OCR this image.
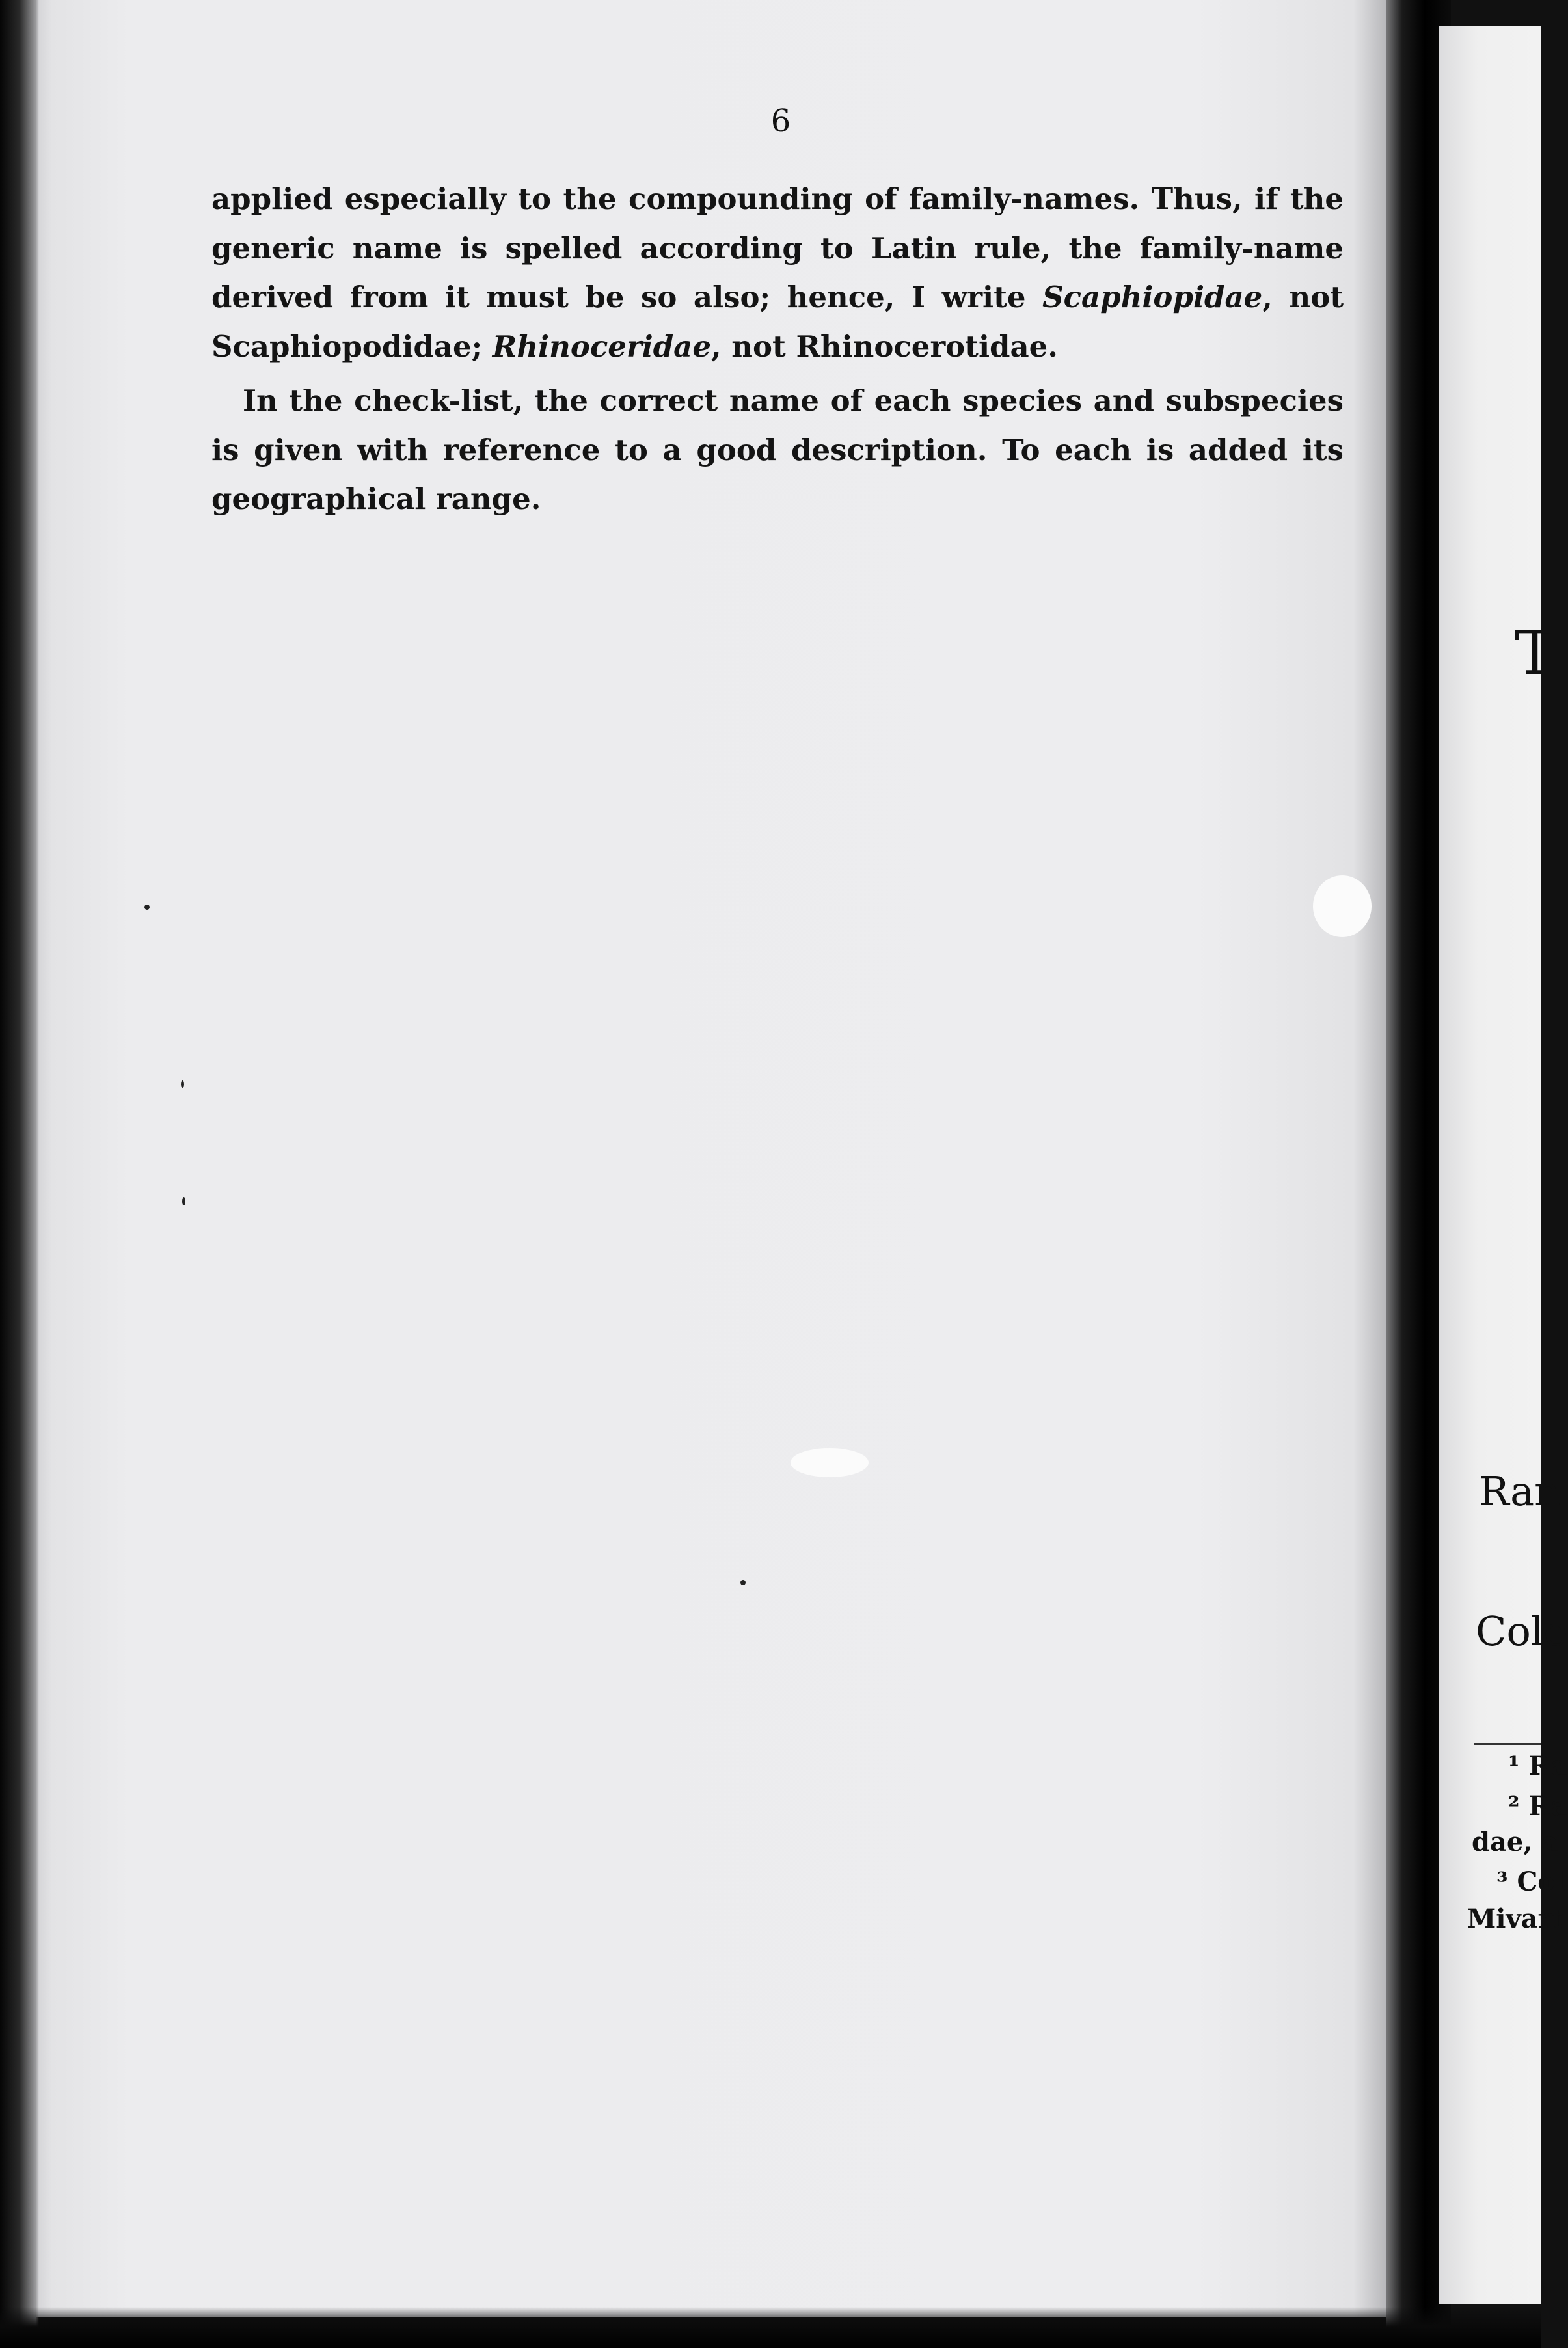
6

applied especially to the compounding of family-names. Thus, if the generic name is spelled according to Latin rule, the family-name derived from it must be so also; hence, I write Scaphiopidae, not Scaphiopodidae; Rhinoceridae, not Rhinocerotidae.

In the check-list, the correct name of each species and subspecies is given with reference to a good description. To each is added its geographical range.

T
Ran
Cole
¹ Ra
² Ra
dae, a
³ Col
Mivart
